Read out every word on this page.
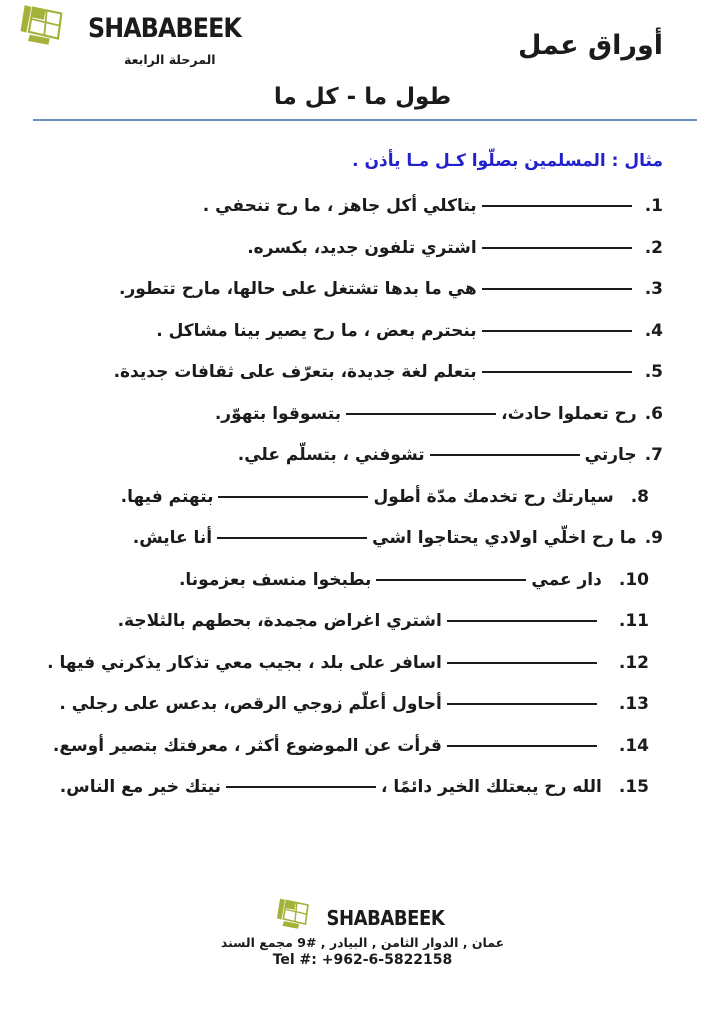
SHABABEEK
المرحلة الرابعة	أوراق عمل
طول ما - كل ما

مثال : المسلمين بصلّوا كـل مـا يأذن .

1.بتاكلي أكل جاهز ، ما رح تنحفي .
2.اشتري تلفون جديد، بكسره.
3.هي ما بدها تشتغل على حالها، مارح تتطور.
4.بنحترم بعض ، ما رح يصير بينا مشاكل .
5.بتعلم لغة جديدة، بتعرّف على ثقافات جديدة.
6.رح تعملوا حادث،بتسوقوا بتهوّر.
7.جارتيتشوفني ، بتسلّم علي.
8.سيارتك رح تخدمك مدّة أطولبتهتم فيها.
9.ما رح اخلّي اولادي يحتاجوا اشيأنا عايش.
10.دار عميبطبخوا منسف بعزمونا.
11.اشتري اغراض مجمدة، بحطهم بالثلاجة.
12.اسافر على بلد ، بجيب معي تذكار يذكرني فيها .
13.أحاول أعلّم زوجي الرقص، بدعس على رجلي .
14.قرأت عن الموضوع أكثر ، معرفتك بتصير أوسع.
15.الله رح يبعتلك الخير دائمًا ،نيتك خير مع الناس.
SHABABEEK
عمان , الدوار الثامن , البيادر , #9 مجمع السند
Tel #: +962-6-5822158
